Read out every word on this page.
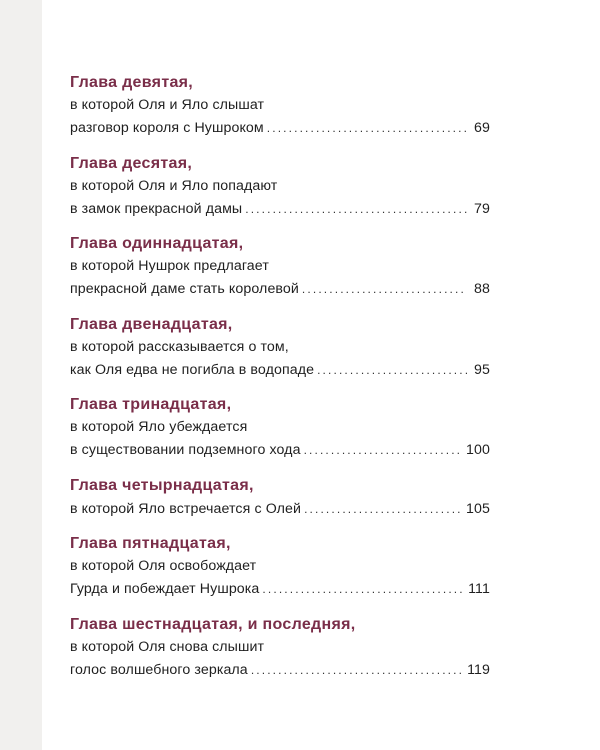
Глава девятая,
в которой Оля и Яло слышат
разговор короля с Нушроком . . .	69
Глава десятая,
в которой Оля и Яло попадают
в замок прекрасной дамы . . .	79
Глава одиннадцатая,
в которой Нушрок предлагает
прекрасной даме стать королевой . . .	88
Глава двенадцатая,
в которой рассказывается о том,
как Оля едва не погибла в водопаде . . .	95
Глава тринадцатая,
в которой Яло убеждается
в существовании подземного хода . . .	100
Глава четырнадцатая,
в которой Яло встречается с Олей . . .	105
Глава пятнадцатая,
в которой Оля освобождает
Гурда и побеждает Нушрока . . .	111
Глава шестнадцатая, и последняя,
в которой Оля снова слышит
голос волшебного зеркала . . .	119
